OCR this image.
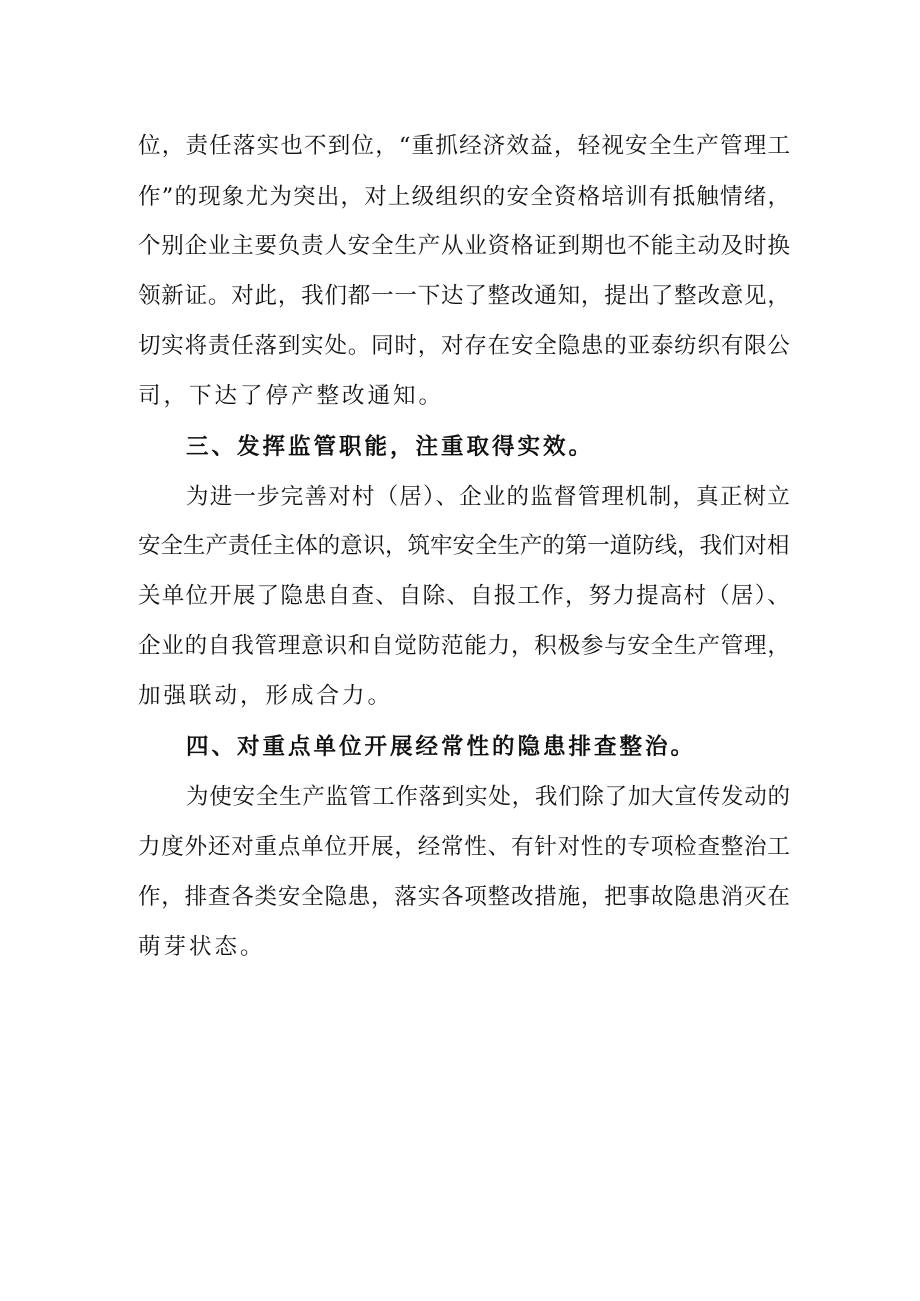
位，责任落实也不到位，“重抓经济效益，轻视安全生产管理工
作”的现象尤为突出，对上级组织的安全资格培训有抵触情绪，
个别企业主要负责人安全生产从业资格证到期也不能主动及时换
领新证。对此，我们都一一下达了整改通知，提出了整改意见，
切实将责任落到实处。同时，对存在安全隐患的亚泰纺织有限公
司，下达了停产整改通知。
三、发挥监管职能，注重取得实效。
为进一步完善对村（居）、企业的监督管理机制，真正树立
安全生产责任主体的意识，筑牢安全生产的第一道防线，我们对相
关单位开展了隐患自查、自除、自报工作，努力提高村（居）、
企业的自我管理意识和自觉防范能力，积极参与安全生产管理，
加强联动，形成合力。
四、对重点单位开展经常性的隐患排查整治。
为使安全生产监管工作落到实处，我们除了加大宣传发动的
力度外还对重点单位开展，经常性、有针对性的专项检查整治工
作，排查各类安全隐患，落实各项整改措施，把事故隐患消灭在
萌芽状态。
